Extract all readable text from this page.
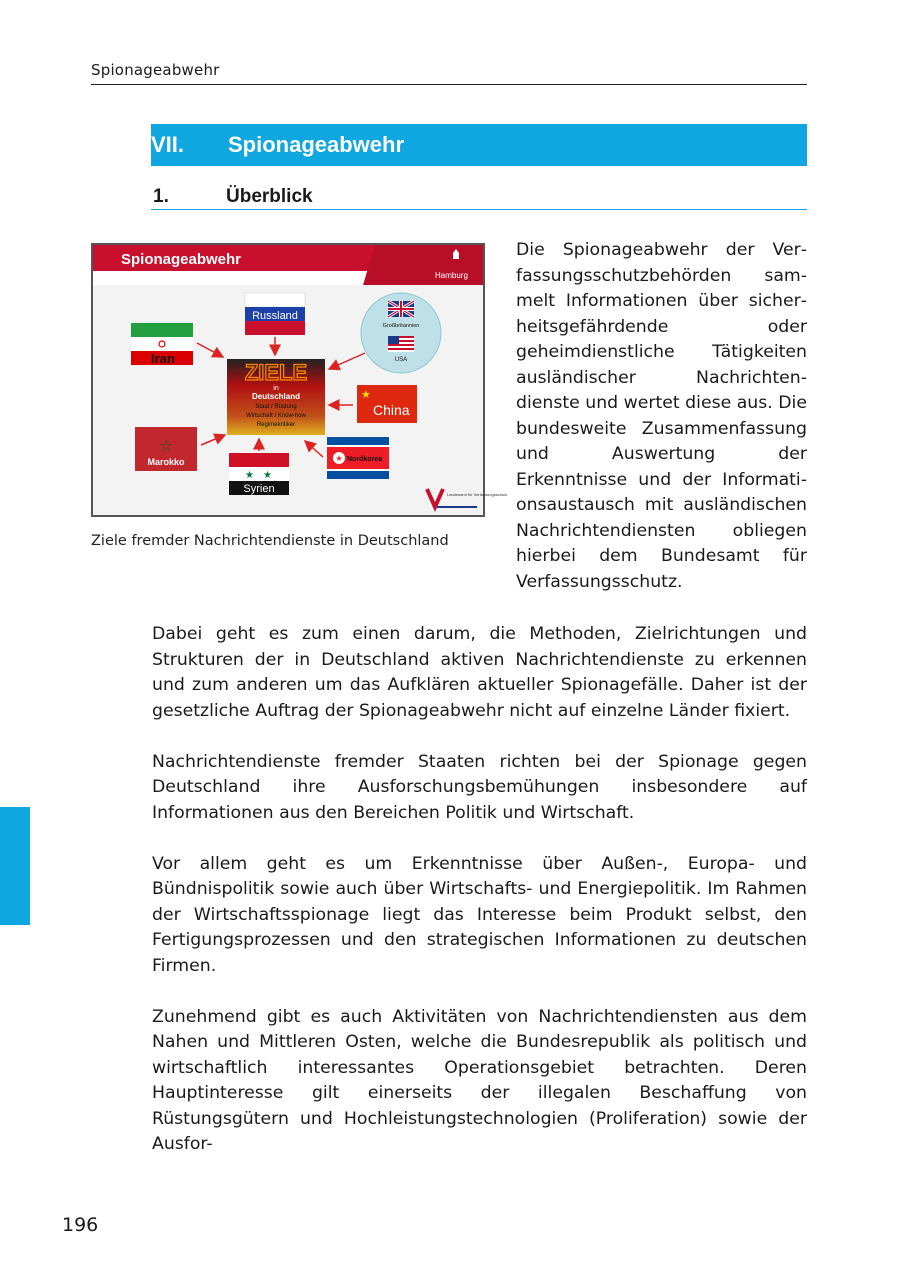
Spionageabwehr
VII. Spionageabwehr
1.	Überblick
Spionageabwehr
Hamburg
ZIELE
in
Deutschland
Staat / Rüstung
Wirtschaft / Know-how
Regimekritiker
Russland
Iran
Großbritannien
USA
★
China
☆
Marokko
★ ★
Syrien
★ Nordkorea
Landesamt für Verfassungsschutz
Ziele fremder Nachrichtendienste in Deutschland
Die Spionageabwehr der Verfassungsschutzbehörden sammelt Informationen über sicherheitsgefährdende oder geheimdienstliche Tätigkeiten ausländischer Nachrichtendienste und wertet diese aus. Die bundesweite Zusammenfassung und Auswertung der Erkenntnisse und der Informationsaustausch mit ausländischen Nachrichtendiensten obliegen hierbei dem Bundesamt für Verfassungsschutz.

Dabei geht es zum einen darum, die Methoden, Zielrichtungen und Strukturen der in Deutschland aktiven Nachrichtendienste zu erkennen und zum anderen um das Aufklären aktueller Spionagefälle. Daher ist der gesetzliche Auftrag der Spionageabwehr nicht auf einzelne Länder fixiert.

Nachrichtendienste fremder Staaten richten bei der Spionage gegen Deutschland ihre Ausforschungsbemühungen insbesondere auf Informationen aus den Bereichen Politik und Wirtschaft.

Vor allem geht es um Erkenntnisse über Außen-, Europa- und Bündnispolitik sowie auch über Wirtschafts- und Energiepolitik. Im Rahmen der Wirtschaftsspionage liegt das Interesse beim Produkt selbst, den Fertigungsprozessen und den strategischen Informationen zu deutschen Firmen.

Zunehmend gibt es auch Aktivitäten von Nachrichtendiensten aus dem Nahen und Mittleren Osten, welche die Bundesrepublik als politisch und wirtschaftlich interessantes Operationsgebiet betrachten. Deren Hauptinteresse gilt einerseits der illegalen Beschaffung von Rüstungsgütern und Hochleistungstechnologien (Proliferation) sowie der Ausfor-

196
